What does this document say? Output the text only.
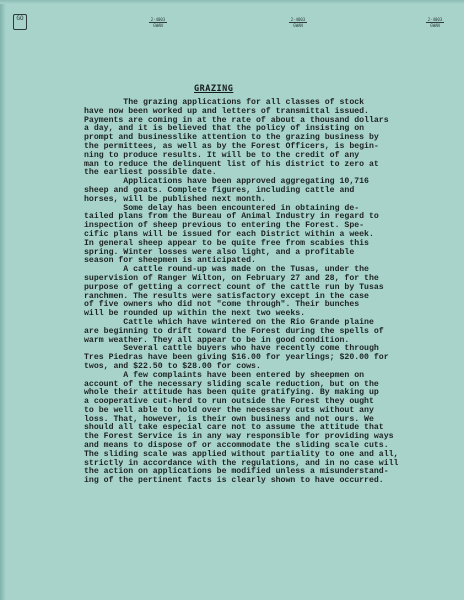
GO	2-4003
GWAN
2-4003
GWAN
2-4003
GWAN
GRAZING
The grazing applications for all classes of stock
have now been worked up and letters of transmittal issued.
Payments are coming in at the rate of about a thousand dollars
a day, and it is believed that the policy of insisting on
prompt and businesslike attention to the grazing business by
the permittees, as well as by the Forest Officers, is begin-
ning to produce results. It will be to the credit of any
man to reduce the delinquent list of his district to zero at
the earliest possible date.
Applications have been approved aggregating 10,716
sheep and goats. Complete figures, including cattle and
horses, will be published next month.
Some delay has been encountered in obtaining de-
tailed plans from the Bureau of Animal Industry in regard to
inspection of sheep previous to entering the Forest. Spe-
cific plans will be issued for each District within a week.
In general sheep appear to be quite free from scabies this
spring. Winter losses were also light, and a profitable
season for sheepmen is anticipated.
A cattle round-up was made on the Tusas, under the
supervision of Ranger Wilton, on February 27 and 28, for the
purpose of getting a correct count of the cattle run by Tusas
ranchmen. The results were satisfactory except in the case
of five owners who did not "come through". Their bunches
will be rounded up within the next two weeks.
Cattle which have wintered on the Rio Grande plaine
are beginning to drift toward the Forest during the spells of
warm weather. They all appear to be in good condition.
Several cattle buyers who have recently come through
Tres Piedras have been giving $16.00 for yearlings; $20.00 for
twos, and $22.50 to $28.00 for cows.
A few complaints have been entered by sheepmen on
account of the necessary sliding scale reduction, but on the
whole their attitude has been quite gratifying. By making up
a cooperative cut-herd to run outside the Forest they ought
to be well able to hold over the necessary cuts without any
loss. That, however, is their own business and not ours. We
should all take especial care not to assume the attitude that
the Forest Service is in any way responsible for providing ways
and means to dispose of or accommodate the sliding scale cuts.
The sliding scale was applied without partiality to one and all,
strictly in accordance with the regulations, and in no case will
the action on applications be modified unless a misunderstand-
ing of the pertinent facts is clearly shown to have occurred.
